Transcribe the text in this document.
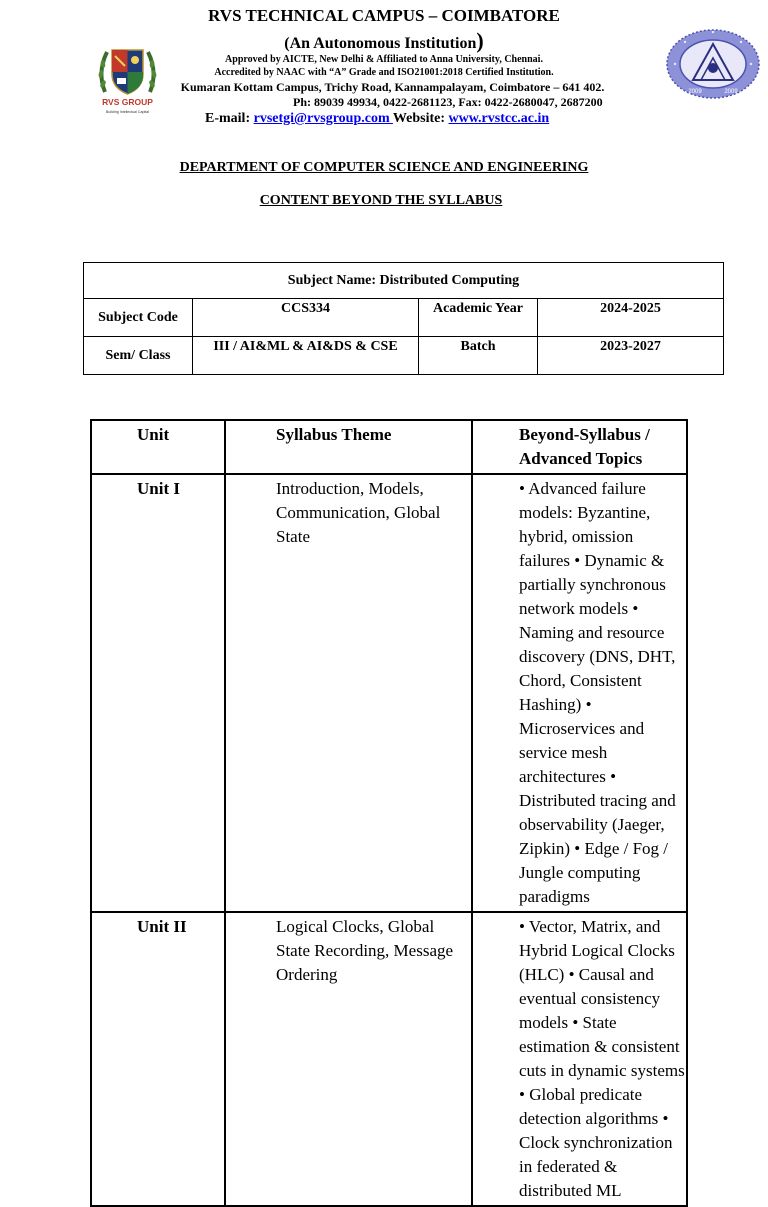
RVS TECHNICAL CAMPUS – COIMBATORE
(An Autonomous Institution)
Approved by AICTE, New Delhi & Affiliated to Anna University, Chennai.
Accredited by NAAC with “A” Grade and ISO21001:2018 Certified Institution.
Kumaran Kottam Campus, Trichy Road, Kannampalayam, Coimbatore – 641 402.
Ph: 89039 49934, 0422-2681123, Fax: 0422-2680047, 2687200
E-mail: rvsetgi@rvsgroup.com Website: www.rvstcc.ac.in
RVS GROUP
Building Intellectual Capital
2009	2009
DEPARTMENT OF COMPUTER SCIENCE AND ENGINEERING
CONTENT BEYOND THE SYLLABUS
Subject Name: Distributed Computing			
Subject Code	CCS334	Academic Year	2024-2025
Sem/ Class	III / AI&ML & AI&DS & CSE	Batch	2023-2027
Unit	Syllabus Theme	Beyond-Syllabus / Advanced Topics
Unit I	Introduction, Models, Communication, Global State	• Advanced failure models: Byzantine, hybrid, omission failures • Dynamic & partially synchronous network models • Naming and resource discovery (DNS, DHT, Chord, Consistent Hashing) • Microservices and service mesh architectures • Distributed tracing and observability (Jaeger, Zipkin) • Edge / Fog / Jungle computing paradigms
Unit II	Logical Clocks, Global State Recording, Message Ordering	• Vector, Matrix, and Hybrid Logical Clocks (HLC) • Causal and eventual consistency models • State estimation & consistent cuts in dynamic systems • Global predicate detection algorithms • Clock synchronization in federated & distributed ML
